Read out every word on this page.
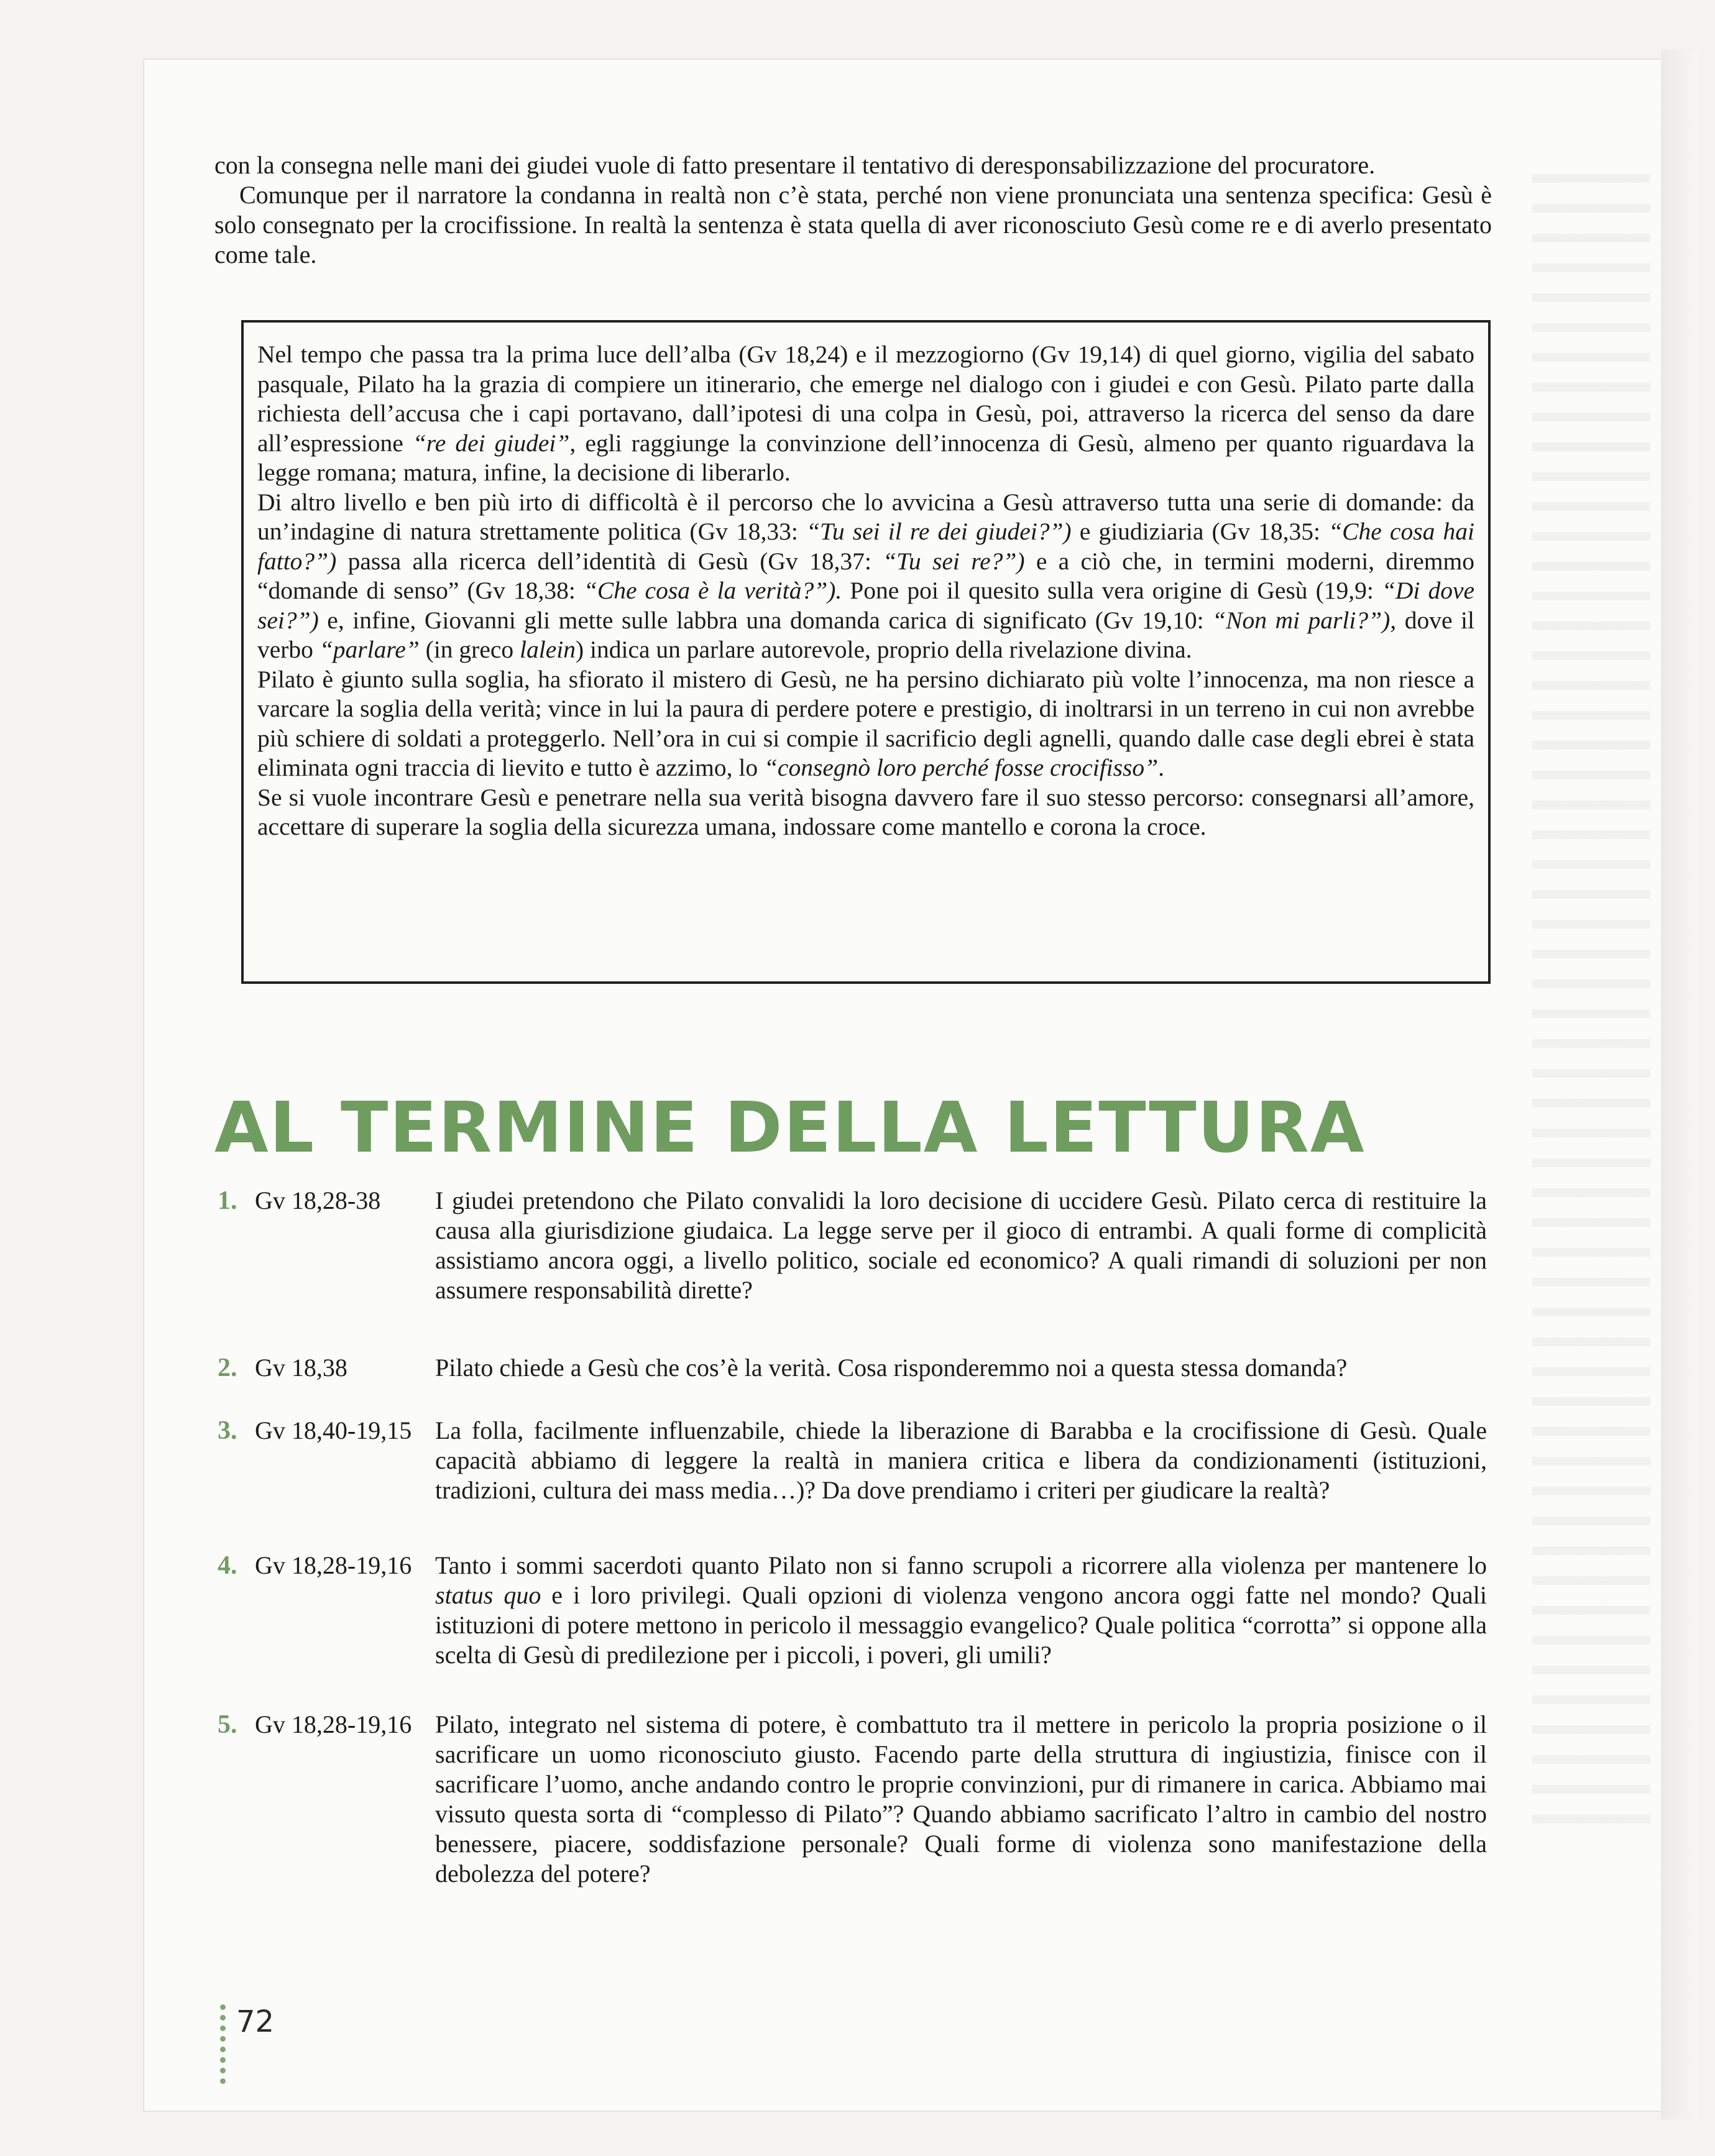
con la consegna nelle mani dei giudei vuole di fatto presentare il tentativo di deresponsabilizzazione del procuratore.

Comunque per il narratore la condanna in realtà non c’è stata, perché non viene pronunciata una sentenza specifica: Gesù è solo consegnato per la crocifissione. In realtà la sentenza è stata quella di aver riconosciuto Gesù come re e di averlo presentato come tale.

Nel tempo che passa tra la prima luce dell’alba (Gv 18,24) e il mezzogiorno (Gv 19,14) di quel giorno, vigilia del sabato pasquale, Pilato ha la grazia di compiere un itinerario, che emerge nel dialogo con i giudei e con Gesù. Pilato parte dalla richiesta dell’accusa che i capi portavano, dall’ipotesi di una colpa in Gesù, poi, attraverso la ricerca del senso da dare all’espressione “re dei giudei”, egli raggiunge la convinzione dell’innocenza di Gesù, almeno per quanto riguardava la legge romana; matura, infine, la decisione di liberarlo.

Di altro livello e ben più irto di difficoltà è il percorso che lo avvicina a Gesù attraverso tutta una serie di domande: da un’indagine di natura strettamente politica (Gv 18,33: “Tu sei il re dei giudei?”) e giudiziaria (Gv 18,35: “Che cosa hai fatto?”) passa alla ricerca dell’identità di Gesù (Gv 18,37: “Tu sei re?”) e a ciò che, in termini moderni, diremmo “domande di senso” (Gv 18,38: “Che cosa è la verità?”). Pone poi il quesito sulla vera origine di Gesù (19,9: “Di dove sei?”) e, infine, Giovanni gli mette sulle labbra una domanda carica di significato (Gv 19,10: “Non mi parli?”), dove il verbo “parlare” (in greco lalein) indica un parlare autorevole, proprio della rivelazione divina.

Pilato è giunto sulla soglia, ha sfiorato il mistero di Gesù, ne ha persino dichiarato più volte l’innocenza, ma non riesce a varcare la soglia della verità; vince in lui la paura di perdere potere e prestigio, di inoltrarsi in un terreno in cui non avrebbe più schiere di soldati a proteggerlo. Nell’ora in cui si compie il sacrificio degli agnelli, quando dalle case degli ebrei è stata eliminata ogni traccia di lievito e tutto è azzimo, lo “consegnò loro perché fosse crocifisso”.

Se si vuole incontrare Gesù e penetrare nella sua verità bisogna davvero fare il suo stesso percorso: consegnarsi all’amore, accettare di superare la soglia della sicurezza umana, indossare come mantello e corona la croce.

AL TERMINE DELLA LETTURA
1. Gv 18,28-38 I giudei pretendono che Pilato convalidi la loro decisione di uccidere Gesù. Pilato cerca di restituire la causa alla giurisdizione giudaica. La legge serve per il gioco di entrambi. A quali forme di complicità assistiamo ancora oggi, a livello politico, sociale ed economico? A quali rimandi di soluzioni per non assumere responsabilità dirette?
2. Gv 18,38	Pilato chiede a Gesù che cos’è la verità. Cosa risponderemmo noi a questa stessa domanda?
3. Gv 18,40-19,15 La folla, facilmente influenzabile, chiede la liberazione di Barabba e la crocifissione di Gesù. Quale capacità abbiamo di leggere la realtà in maniera critica e libera da condizionamenti (istituzioni, tradizioni, cultura dei mass media…)? Da dove prendiamo i criteri per giudicare la realtà?
4. Gv 18,28-19,16 Tanto i sommi sacerdoti quanto Pilato non si fanno scrupoli a ricorrere alla violenza per mantenere lo status quo e i loro privilegi. Quali opzioni di violenza vengono ancora oggi fatte nel mondo? Quali istituzioni di potere mettono in pericolo il messaggio evangelico? Quale politica “corrotta” si oppone alla scelta di Gesù di predilezione per i piccoli, i poveri, gli umili?
5. Gv 18,28-19,16 Pilato, integrato nel sistema di potere, è combattuto tra il mettere in pericolo la propria posizione o il sacrificare un uomo riconosciuto giusto. Facendo parte della struttura di ingiustizia, finisce con il sacrificare l’uomo, anche andando contro le proprie convinzioni, pur di rimanere in carica. Abbiamo mai vissuto questa sorta di “complesso di Pilato”? Quando abbiamo sacrificato l’altro in cambio del nostro benessere, piacere, soddisfazione personale? Quali forme di violenza sono manifestazione della debolezza del potere?
72
